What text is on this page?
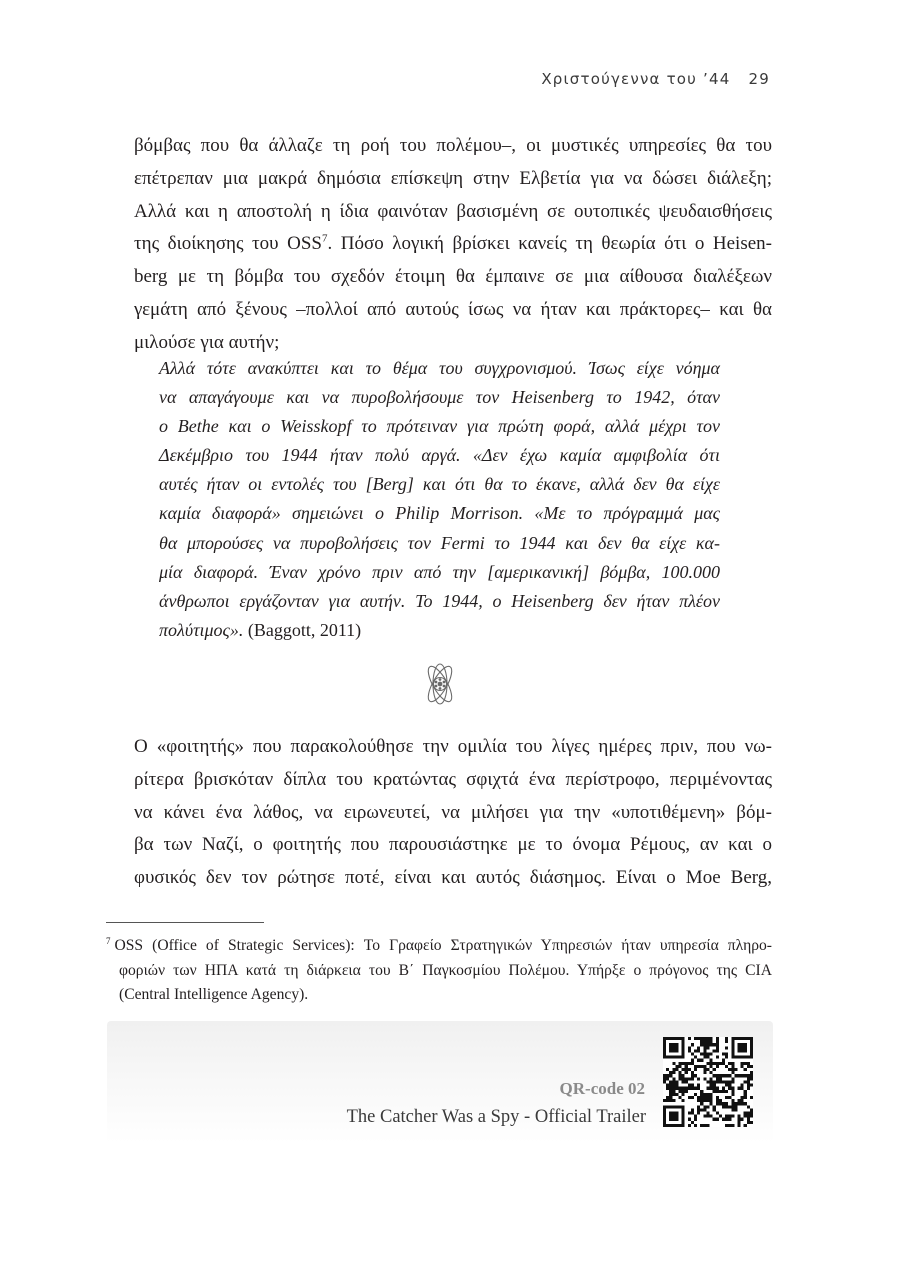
Χριστούγεννα του ’44 29
βόμβας που θα άλλαζε τη ροή του πολέμου–, οι μυστικές υπηρεσίες θα του
επέτρεπαν μια μακρά δημόσια επίσκεψη στην Ελβετία για να δώσει διάλεξη;
Αλλά και η αποστολή η ίδια φαινόταν βασισμένη σε ουτοπικές ψευδαισθήσεις
της διοίκησης του OSS$^7$. Πόσο λογική βρίσκει κανείς τη θεωρία ότι ο Heisen-
berg με τη βόμβα του σχεδόν έτοιμη θα έμπαινε σε μια αίθουσα διαλέξεων
γεμάτη από ξένους –πολλοί από αυτούς ίσως να ήταν και πράκτορες– και θα
μιλούσε για αυτήν;
Αλλά τότε ανακύπτει και το θέμα του συγχρονισμού. Ίσως είχε νόημα
να απαγάγουμε και να πυροβολήσουμε τον Heisenberg το 1942, όταν
ο Bethe και ο Weisskopf το πρότειναν για πρώτη φορά, αλλά μέχρι τον
Δεκέμβριο του 1944 ήταν πολύ αργά. «Δεν έχω καμία αμφιβολία ότι
αυτές ήταν οι εντολές του [Berg] και ότι θα το έκανε, αλλά δεν θα είχε
καμία διαφορά» σημειώνει ο Philip Morrison. «Με το πρόγραμμά μας
θα μπορούσες να πυροβολήσεις τον Fermi το 1944 και δεν θα είχε κα-
μία διαφορά. Έναν χρόνο πριν από την [αμερικανική] βόμβα, 100.000
άνθρωποι εργάζονταν για αυτήν. Το 1944, ο Heisenberg δεν ήταν πλέον
πολύτιμος». (Baggott, 2011)
Ο «φοιτητής» που παρακολούθησε την ομιλία του λίγες ημέρες πριν, που νω-
ρίτερα βρισκόταν δίπλα του κρατώντας σφιχτά ένα περίστροφο, περιμένοντας
να κάνει ένα λάθος, να ειρωνευτεί, να μιλήσει για την «υποτιθέμενη» βόμ-
βα των Ναζί, ο φοιτητής που παρουσιάστηκε με το όνομα Ρέμους, αν και ο
φυσικός δεν τον ρώτησε ποτέ, είναι και αυτός διάσημος. Είναι ο Moe Berg,
$^7$ OSS (Office of Strategic Services): Το Γραφείο Στρατηγικών Υπηρεσιών ήταν υπηρεσία πληρο-
φοριών των ΗΠΑ κατά τη διάρκεια του Β΄ Παγκοσμίου Πολέμου. Υπήρξε ο πρόγονος της CIA
(Central Intelligence Agency).
QR-code 02
The Catcher Was a Spy - Official Trailer
